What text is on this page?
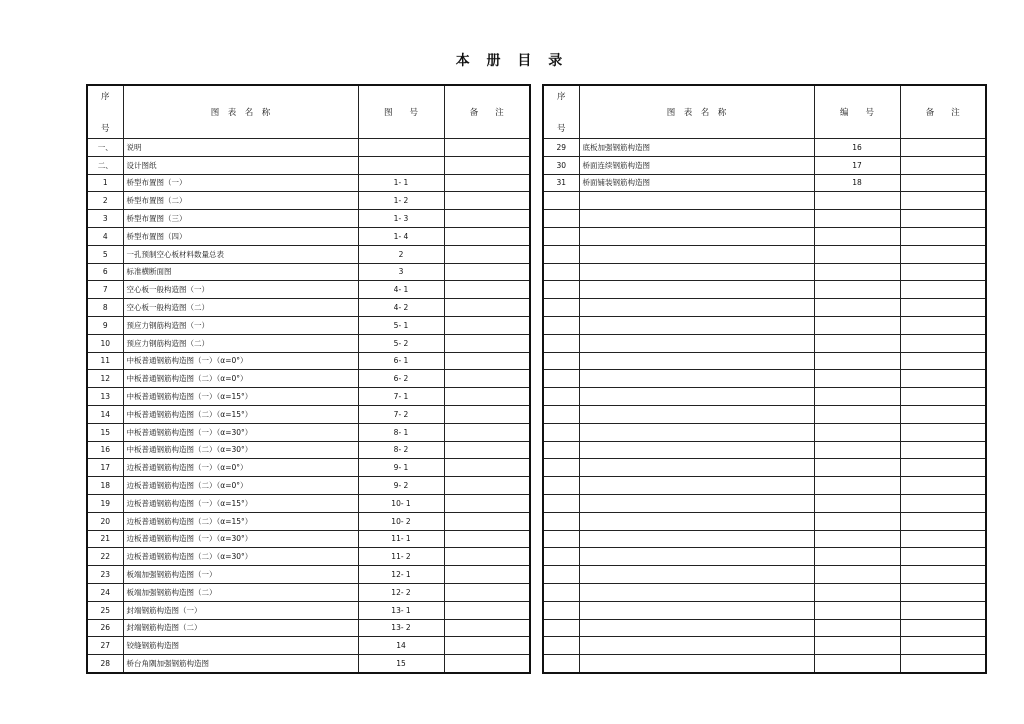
本 册 目 录
序
号	图　表　名　称	图　　号	备　　注
一、	说明		
二、	设计图纸		
1	桥型布置图（一）	1- 1	
2	桥型布置图（二）	1- 2	
3	桥型布置图（三）	1- 3	
4	桥型布置图（四）	1- 4	
5	一孔预制空心板材料数量总表	2	
6	标准横断面图	3	
7	空心板一般构造图（一）	4- 1	
8	空心板一般构造图（二）	4- 2	
9	预应力钢筋构造图（一）	5- 1	
10	预应力钢筋构造图（二）	5- 2	
11	中板普通钢筋构造图（一）（α=0°）	6- 1	
12	中板普通钢筋构造图（二）（α=0°）	6- 2	
13	中板普通钢筋构造图（一）（α=15°）	7- 1	
14	中板普通钢筋构造图（二）（α=15°）	7- 2	
15	中板普通钢筋构造图（一）（α=30°）	8- 1	
16	中板普通钢筋构造图（二）（α=30°）	8- 2	
17	边板普通钢筋构造图（一）（α=0°）	9- 1	
18	边板普通钢筋构造图（二）（α=0°）	9- 2	
19	边板普通钢筋构造图（一）（α=15°）	10- 1	
20	边板普通钢筋构造图（二）（α=15°）	10- 2	
21	边板普通钢筋构造图（一）（α=30°）	11- 1	
22	边板普通钢筋构造图（二）（α=30°）	11- 2	
23	板端加强钢筋构造图（一）	12- 1	
24	板端加强钢筋构造图（二）	12- 2	
25	封端钢筋构造图（一）	13- 1	
26	封端钢筋构造图（二）	13- 2	
27	铰缝钢筋构造图	14	
28	桥台角隅加强钢筋构造图	15	
序
号	图　表　名　称	编　　号	备　　注
29	底板加强钢筋构造图	16	
30	桥面连续钢筋构造图	17	
31	桥面铺装钢筋构造图	18	
